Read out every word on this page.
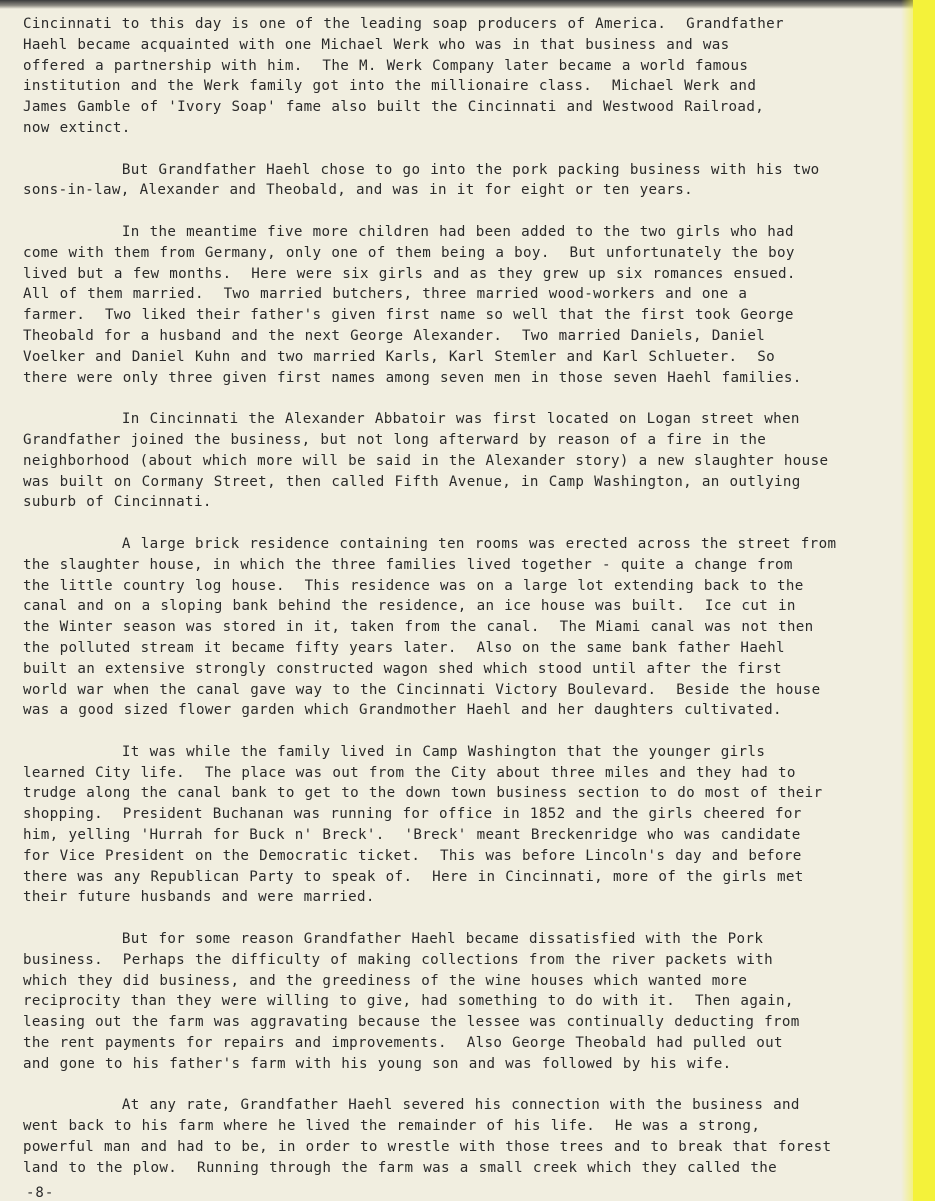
Cincinnati to this day is one of the leading soap producers of America.  Grandfather
Haehl became acquainted with one Michael Werk who was in that business and was
offered a partnership with him.  The M. Werk Company later became a world famous
institution and the Werk family got into the millionaire class.  Michael Werk and
James Gamble of 'Ivory Soap' fame also built the Cincinnati and Westwood Railroad,
now extinct.
But Grandfather Haehl chose to go into the pork packing business with his two
sons-in-law, Alexander and Theobald, and was in it for eight or ten years.
In the meantime five more children had been added to the two girls who had
come with them from Germany, only one of them being a boy.  But unfortunately the boy
lived but a few months.  Here were six girls and as they grew up six romances ensued.
All of them married.  Two married butchers, three married wood-workers and one a
farmer.  Two liked their father's given first name so well that the first took George
Theobald for a husband and the next George Alexander.  Two married Daniels, Daniel
Voelker and Daniel Kuhn and two married Karls, Karl Stemler and Karl Schlueter.  So
there were only three given first names among seven men in those seven Haehl families.
In Cincinnati the Alexander Abbatoir was first located on Logan street when
Grandfather joined the business, but not long afterward by reason of a fire in the
neighborhood (about which more will be said in the Alexander story) a new slaughter house
was built on Cormany Street, then called Fifth Avenue, in Camp Washington, an outlying
suburb of Cincinnati.
A large brick residence containing ten rooms was erected across the street from
the slaughter house, in which the three families lived together - quite a change from
the little country log house.  This residence was on a large lot extending back to the
canal and on a sloping bank behind the residence, an ice house was built.  Ice cut in
the Winter season was stored in it, taken from the canal.  The Miami canal was not then
the polluted stream it became fifty years later.  Also on the same bank father Haehl
built an extensive strongly constructed wagon shed which stood until after the first
world war when the canal gave way to the Cincinnati Victory Boulevard.  Beside the house
was a good sized flower garden which Grandmother Haehl and her daughters cultivated.
It was while the family lived in Camp Washington that the younger girls
learned City life.  The place was out from the City about three miles and they had to
trudge along the canal bank to get to the down town business section to do most of their
shopping.  President Buchanan was running for office in 1852 and the girls cheered for
him, yelling 'Hurrah for Buck n' Breck'.  'Breck' meant Breckenridge who was candidate
for Vice President on the Democratic ticket.  This was before Lincoln's day and before
there was any Republican Party to speak of.  Here in Cincinnati, more of the girls met
their future husbands and were married.
But for some reason Grandfather Haehl became dissatisfied with the Pork
business.  Perhaps the difficulty of making collections from the river packets with
which they did business, and the greediness of the wine houses which wanted more
reciprocity than they were willing to give, had something to do with it.  Then again,
leasing out the farm was aggravating because the lessee was continually deducting from
the rent payments for repairs and improvements.  Also George Theobald had pulled out
and gone to his father's farm with his young son and was followed by his wife.
At any rate, Grandfather Haehl severed his connection with the business and
went back to his farm where he lived the remainder of his life.  He was a strong,
powerful man and had to be, in order to wrestle with those trees and to break that forest
land to the plow.  Running through the farm was a small creek which they called the
-8-
